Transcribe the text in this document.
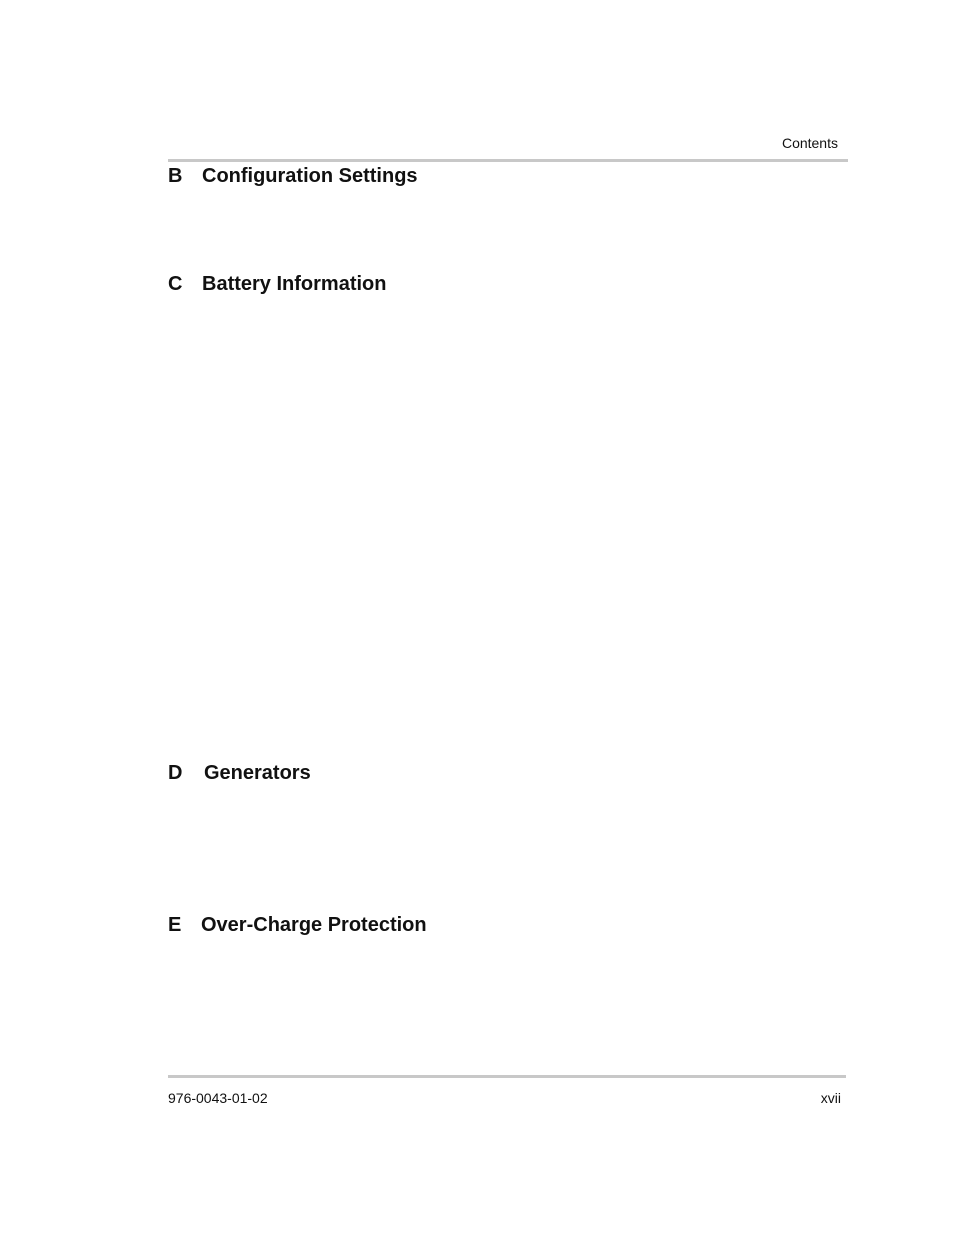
Contents
B Configuration Settings
C Battery Information
D Generators
E Over-Charge Protection
976-0043-01-02	xvii
